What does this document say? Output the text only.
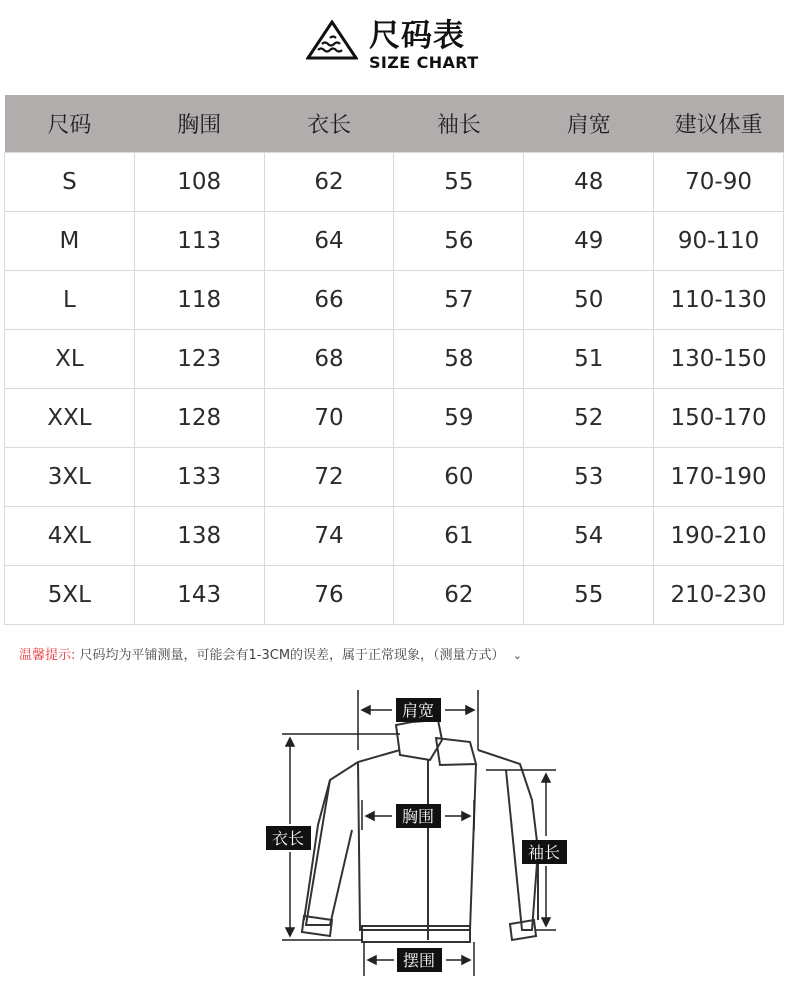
尺码表
SIZE CHART
尺码	胸围	衣长	袖长	肩宽	建议体重
S	108	62	55	48	70-90
M	113	64	56	49	90-110
L	118	66	57	50	110-130
XL	123	68	58	51	130-150
XXL	128	70	59	52	150-170
3XL	133	72	60	53	170-190
4XL	138	74	61	54	190-210
5XL	143	76	62	55	210-230
温馨提示: 尺码均为平铺测量，可能会有1-3CM的误差，属于正常现象，（测量方式） ⌄
肩宽
胸围
衣长
袖长
摆围
